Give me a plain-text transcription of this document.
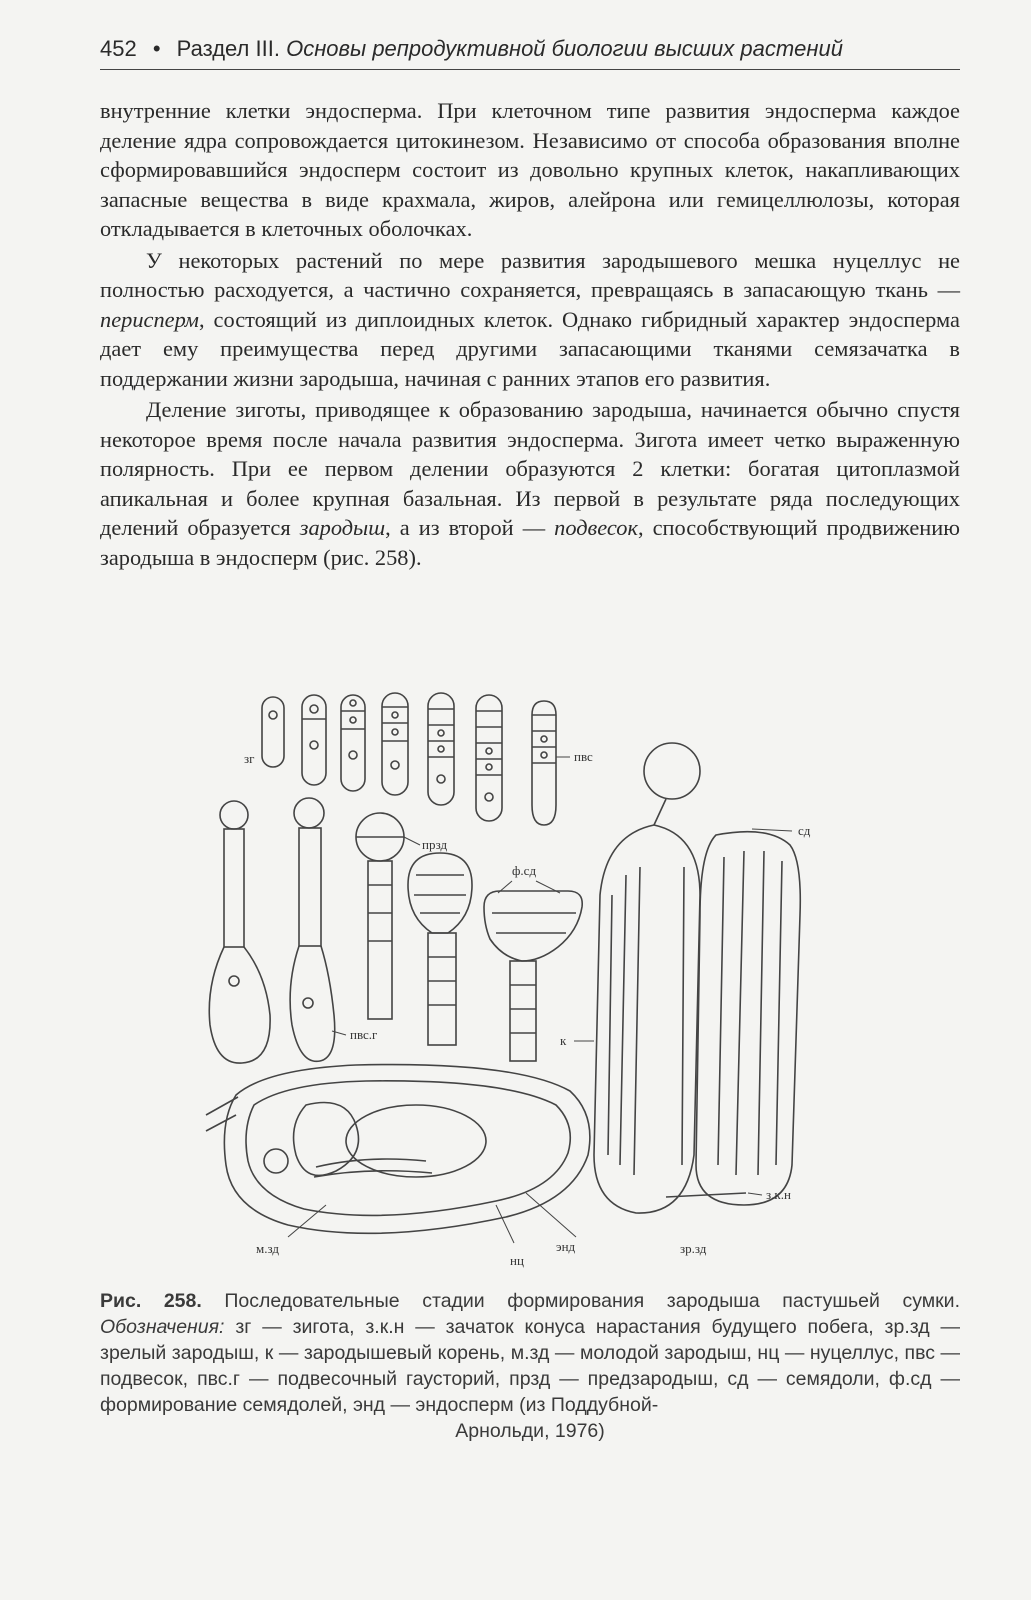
452 • Раздел III. Основы репродуктивной биологии высших растений

внутренние клетки эндосперма. При клеточном типе развития эндосперма каждое деление ядра сопровождается цитокинезом. Независимо от способа образования вполне сформировавшийся эндосперм состоит из довольно крупных клеток, накапливающих запасные вещества в виде крахмала, жиров, алейрона или гемицеллюлозы, которая откладывается в клеточных оболочках.

У некоторых растений по мере развития зародышевого мешка нуцеллус не полностью расходуется, а частично сохраняется, превращаясь в запасающую ткань — перисперм, состоящий из диплоидных клеток. Однако гибридный характер эндосперма дает ему преимущества перед другими запасающими тканями семязачатка в поддержании жизни зародыша, начиная с ранних этапов его развития.

Деление зиготы, приводящее к образованию зародыша, начинается обычно спустя некоторое время после начала развития эндосперма. Зигота имеет четко выраженную полярность. При ее первом делении образуются 2 клетки: богатая цитоплазмой апикальная и более крупная базальная. Из первой в результате ряда последующих делений образуется зародыш, а из второй — подвесок, способствующий продвижению зародыша в эндосперм (рис. 258).

зг	пвс
прзд
ф.сд
сд
пвс.г	к
з.к.н
м.зд	энд
нц
зр.зд
Рис. 258. Последовательные стадии формирования зародыша пастушьей сумки. Обозначения: зг — зигота, з.к.н — зачаток конуса нарастания будущего побега, зр.зд — зрелый зародыш, к — зародышевый корень, м.зд — молодой зародыш, нц — нуцеллус, пвс — подвесок, пвс.г — подвесочный гаусторий, прзд — предзародыш, сд — семядоли, ф.сд — формирование семядолей, энд — эндосперм (из Поддубной-
Арнольди, 1976)
